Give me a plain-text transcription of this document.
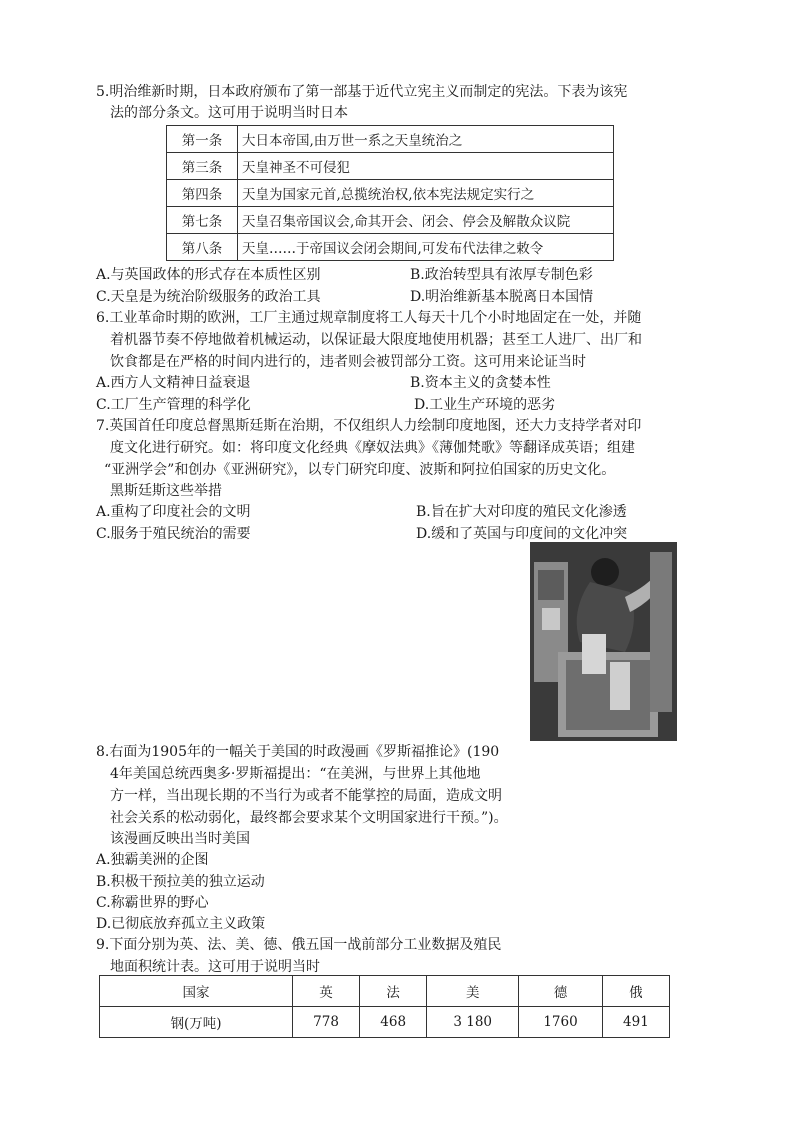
5.明治维新时期，日本政府颁布了第一部基于近代立宪主义而制定的宪法。下表为该宪
法的部分条文。这可用于说明当时日本
第一条	大日本帝国,由万世一系之天皇统治之
第三条	天皇神圣不可侵犯
第四条	天皇为国家元首,总揽统治权,依本宪法规定实行之
第七条	天皇召集帝国议会,命其开会、闭会、停会及解散众议院
第八条	天皇……于帝国议会闭会期间,可发布代法律之敕令
A.与英国政体的形式存在本质性区别	B.政治转型具有浓厚专制色彩
C.天皇是为统治阶级服务的政治工具	D.明治维新基本脱离日本国情
6.工业革命时期的欧洲，工厂主通过规章制度将工人每天十几个小时地固定在一处，并随
着机器节奏不停地做着机械运动，以保证最大限度地使用机器；甚至工人进厂、出厂和
饮食都是在严格的时间内进行的，违者则会被罚部分工资。这可用来论证当时
A.西方人文精神日益衰退	B.资本主义的贪婪本性
C.工厂生产管理的科学化	D.工业生产环境的恶劣
7.英国首任印度总督黑斯廷斯在治期，不仅组织人力绘制印度地图，还大力支持学者对印
度文化进行研究。如：将印度文化经典《摩奴法典》《薄伽梵歌》等翻译成英语；组建
“亚洲学会”和创办《亚洲研究》，以专门研究印度、波斯和阿拉伯国家的历史文化。
黑斯廷斯这些举措
A.重构了印度社会的文明	B.旨在扩大对印度的殖民文化渗透
C.服务于殖民统治的需要	D.缓和了英国与印度间的文化冲突
8.右面为1905年的一幅关于美国的时政漫画《罗斯福推论》(190
4年美国总统西奥多·罗斯福提出：“在美洲，与世界上其他地
方一样，当出现长期的不当行为或者不能掌控的局面，造成文明
社会关系的松动弱化，最终都会要求某个文明国家进行干预。”)。
该漫画反映出当时美国
A.独霸美洲的企图
B.积极干预拉美的独立运动
C.称霸世界的野心
D.已彻底放弃孤立主义政策
9.下面分别为英、法、美、德、俄五国一战前部分工业数据及殖民
地面积统计表。这可用于说明当时
国家	英	法	美	德	俄
钢(万吨)	778	468	3 180	1760	491
